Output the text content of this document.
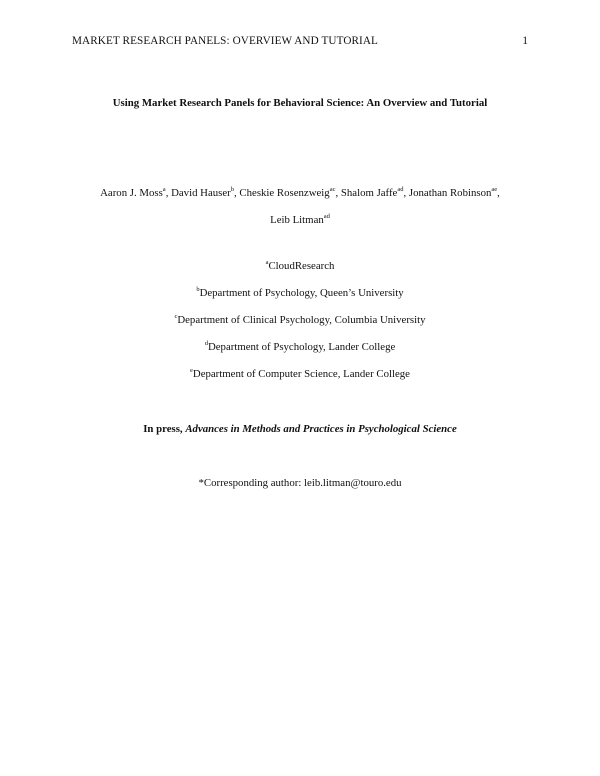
MARKET RESEARCH PANELS: OVERVIEW AND TUTORIAL	1
Using Market Research Panels for Behavioral Science: An Overview and Tutorial
Aaron J. Moss$^a$, David Hauser$^b$, Cheskie Rosenzweig$^{ac}$, Shalom Jaffe$^{ad}$, Jonathan Robinson$^{ae}$,
Leib Litman$^{ad}$
$^a$CloudResearch
$^b$Department of Psychology, Queen’s University
$^c$Department of Clinical Psychology, Columbia University
$^d$Department of Psychology, Lander College
$^e$Department of Computer Science, Lander College
In press, Advances in Methods and Practices in Psychological Science
*Corresponding author: leib.litman@touro.edu
